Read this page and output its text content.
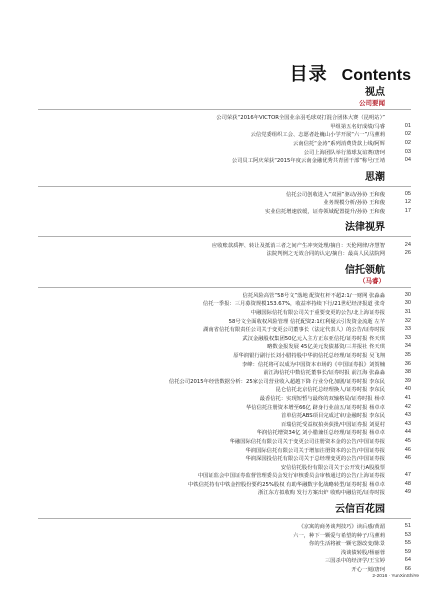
目录 Contents
视点
公司要闻
公司荣获“2016年VICTOR全国业余羽毛球双打混合团体大赛（昆明站）”
甲组第五名好成绩/马睿	01
云信党委组织工会、志愿者赴巍山小学开展“六一”/马薰莉	02
云南信托“金涛”系列消费贷款上线/阿辉	02
公司上海团队举行篮球友谊赛/唐珂	03
公司员工阿庆荣获“2015年度云南金融优秀共青团干部”称号/王靖	04
思潮
信托公司创收进入“双困”驱动/孙协 王和俊	05
业务规模分析/孙协 王和俊	12
实业信托增速放缓，证券领域配置提升/孙协 王和俊	17
法律视界
应收账款质押、转让及抵消三者之间产生冲突处理/摘自：天伦网律/齐慧智	24
法院判例之无效合同的认定/摘自：最高人民法院网	26
信托领航
（马睿）
信托风险高管“58号文”落地 配资杠杆不超2:1/一财网 张淼淼	30
信托一季报：三月募资规模153.67%，收益率持续下行/21世纪经济报道 张奇	30
中融国际信托有限公司关于重要变更的公告/北上海证券报	31
58号文全面收权风险管理 信托配资2:1红利疑云引发资金流逝 左芊	32
湖南省信托有限责任公司关于变更公司董事长（法定代表人）的公告/证券时报	33
武汉金融股权集团50亿元入主方正东亚信托/证券时报 佟天琪	33
略数金报发展 45亿美元发债募资/三井报社 佟天琪	34
原华润银行副行长刘小腊持股中华润信托总经理/证券时报 吴飞翔	35
李峰：信托将可以成为中国资本市场的《中国证券报》刘贺楠	36
前江海信托中数信托董事长/证券时报 前江海 张淼淼	38
信托公司2015年经营数据分析：25家公司营业收入超越下降 行业分化加剧/证券时报 李东民	39
昆仑信托北京信托总经理换人/证券时报 李东民	40
最香信托：实现短暂与最终的双输格局/证券时报 杨卓	41
华信信托注册资本增至66亿 跻身行业前五/证券时报 杨卓卓	42
首单信托ABS项目完成过审/金融时报 李东民	43
百瑞信托受益权拍卖获批/中国证券报 刘夏村	43
华润信托增资34亿 刘小腊兼任总经理/证券时报 杨卓卓	44
华融国际信托有限公司关于变更公司注册资本金的公告/中国证券报	45
华润国际信托有限公司关于增加注册资本的公告/中国证券报	46
华润深国投信托有限公司关于总经理变更的公告/中国证券报	46
安信信托股份有限公司关于公开发行A股股票
中国证监会中国证券监督管理委员会发行审核委员会审核通过的公告/上海证券报	47
中铁信托持有中铁金控股份要约25%股权 有助华融数字化战略转型/证券时报 杨卓卓	48
浙江东方拟收购 发行方案出炉 收购中融信托/证券时报	49
云信百花园
《京寓的商务谈判技巧》读后感/黄湄	51
六一，种下一颗爱与希望的种子/马薰莉	53
你的生活将被一颗宅器改变/陈景	55
浅谈债转股/杨丽蓉	59
三国杀中的经济学/王宝婷	64
开心一刻/唐珂	66
2-2016 · YunXinShiYe
